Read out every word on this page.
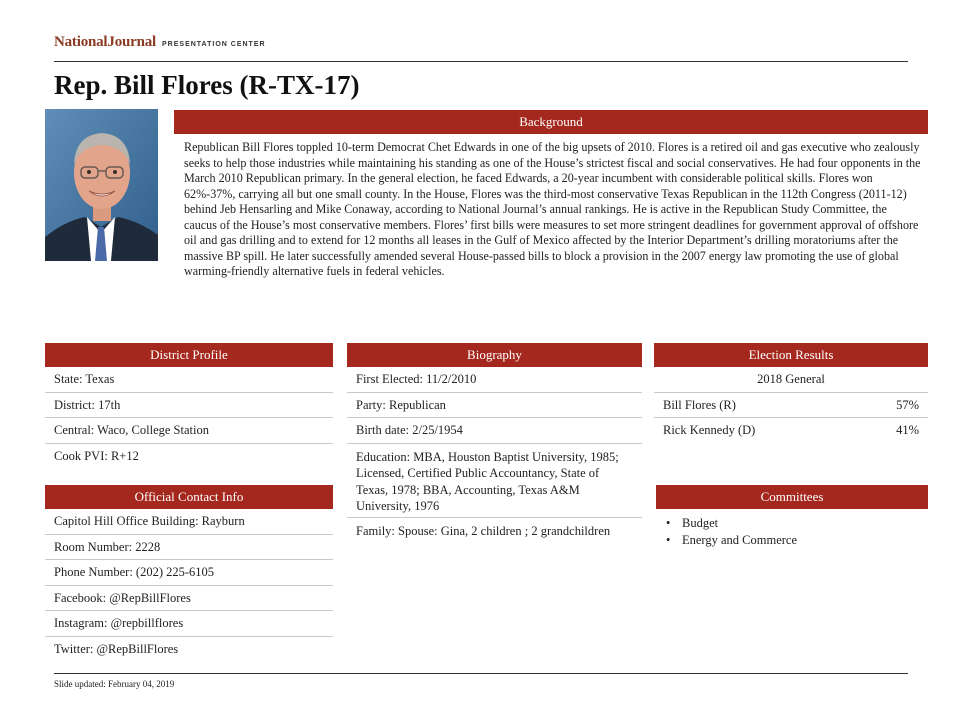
NationalJournal PRESENTATION CENTER
Rep. Bill Flores (R-TX-17)
Background
Republican Bill Flores toppled 10-term Democrat Chet Edwards in one of the big upsets of 2010. Flores is a retired oil and gas executive who zealously seeks to help those industries while maintaining his standing as one of the House’s strictest fiscal and social conservatives. He had four opponents in the March 2010 Republican primary. In the general election, he faced Edwards, a 20-year incumbent with considerable political skills. Flores won 62%-37%, carrying all but one small county. In the House, Flores was the third-most conservative Texas Republican in the 112th Congress (2011-12) behind Jeb Hensarling and Mike Conaway, according to National Journal’s annual rankings. He is active in the Republican Study Committee, the caucus of the House’s most conservative members. Flores’ first bills were measures to set more stringent deadlines for government approval of offshore oil and gas drilling and to extend for 12 months all leases in the Gulf of Mexico affected by the Interior Department’s drilling moratoriums after the massive BP spill. He later successfully amended several House-passed bills to block a provision in the 2007 energy law promoting the use of global warming-friendly alternative fuels in federal vehicles.
District Profile
State: Texas
District: 17th
Central: Waco, College Station
Cook PVI: R+12
Official Contact Info
Capitol Hill Office Building: Rayburn
Room Number: 2228
Phone Number: (202) 225-6105
Facebook: @RepBillFlores
Instagram: @repbillflores
Twitter: @RepBillFlores
Biography
First Elected: 11/2/2010
Party: Republican
Birth date: 2/25/1954
Education: MBA, Houston Baptist University, 1985; Licensed, Certified Public Accountancy, State of Texas, 1978; BBA, Accounting, Texas A&M University, 1976
Family: Spouse: Gina, 2 children ; 2 grandchildren
Election Results
2018 General
Bill Flores (R)	57%
Rick Kennedy (D)	41%
Committees
• Budget
• Energy and Commerce
Slide updated: February 04, 2019
